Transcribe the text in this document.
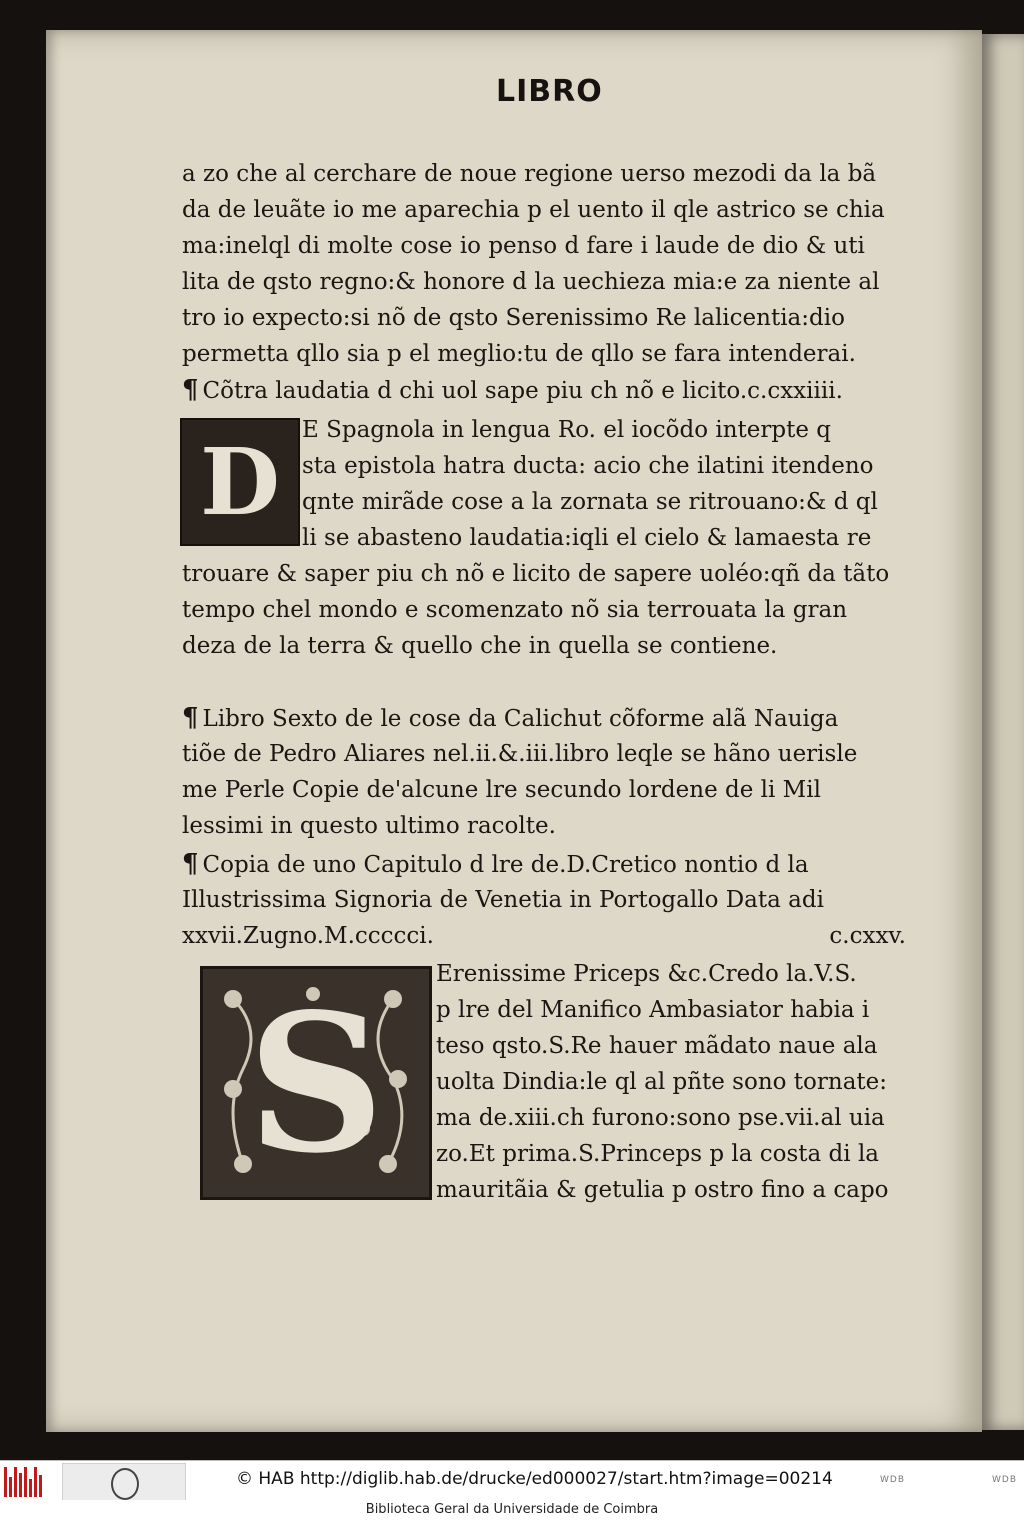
LIBRO
a zo che al cerchare de noue regione uerso mezodi da la bã
da de leuãte io me aparechia p el uento il qle astrico se chia
ma:inelql di molte cose io penso d fare i laude de dio & uti
lita de qsto regno:& honore d la uechieza mia:e za niente al
tro io expecto:si nõ de qsto Serenissimo Re lalicentia:dio
permetta qllo sia p el meglio:tu de qllo se fara intenderai.
¶ Cõtra laudatia d chi uol sape piu ch nõ e licito.c.cxxiiii.
D E Spagnola in lengua Ro. el iocõdo interpte q
sta epistola hatra ducta: acio che ilatini itendeno
qnte mirãde cose a la zornata se ritrouano:& d ql
li se abasteno laudatia:iqli el cielo & lamaesta re
trouare & saper piu ch nõ e licito de sapere uoléo:qñ da tãto
tempo chel mondo e scomenzato nõ sia terrouata la gran
deza de la terra & quello che in quella se contiene.
¶ Libro Sexto de le cose da Calichut cõforme alã Nauiga
tiõe de Pedro Aliares nel.ii.&.iii.libro leqle se hãno uerisle
me Perle Copie de'alcune lre secundo lordene de li Mil
lessimi in questo ultimo racolte.
¶ Copia de uno Capitulo d lre de.D.Cretico nontio d la
Illustrissima Signoria de Venetia in Portogallo Data adi
xxvii.Zugno.M.ccccci.	c.cxxv.
S	Erenissime Priceps &c.Credo la.V.S.
p lre del Manifico Ambasiator habia i
teso qsto.S.Re hauer mãdato naue ala
uolta Dindia:le ql al pñte sono tornate:
ma de.xiii.ch furono:sono pse.vii.al uia
zo.Et prima.S.Princeps p la costa di la
mauritãia & getulia p ostro fino a capo
© HAB http://diglib.hab.de/drucke/ed000027/start.htm?image=00214	WDB	WDB
Biblioteca Geral da Universidade de Coimbra
